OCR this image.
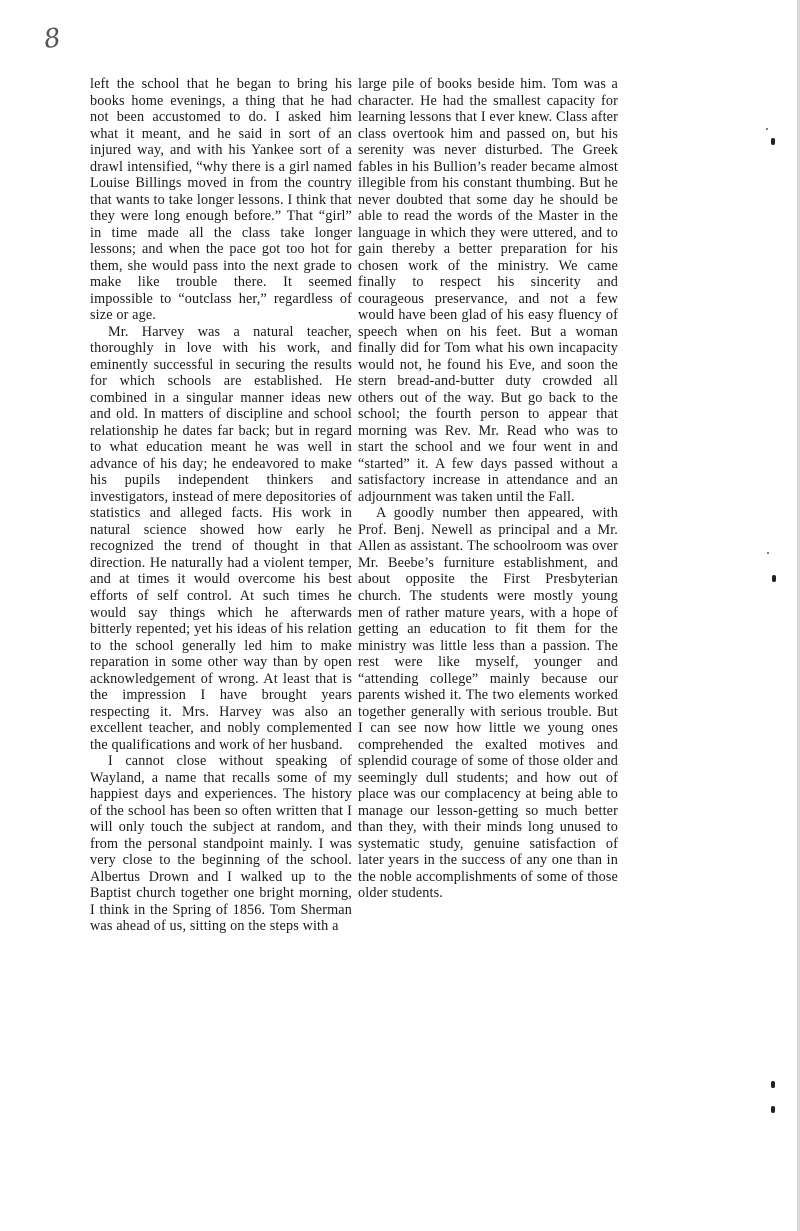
8

left the school that he began to bring his books home evenings, a thing that he had not been accustomed to do. I asked him what it meant, and he said in sort of an injured way, and with his Yankee sort of a drawl intensified, “why there is a girl named Louise Billings moved in from the country that wants to take longer lessons. I think that they were long enough before.” That “girl” in time made all the class take longer lessons; and when the pace got too hot for them, she would pass into the next grade to make like trouble there. It seemed impossible to “outclass her,” regardless of size or age.

Mr. Harvey was a natural teacher, thoroughly in love with his work, and eminently successful in securing the results for which schools are established. He combined in a singular manner ideas new and old. In matters of discipline and school relationship he dates far back; but in regard to what education meant he was well in advance of his day; he endeavored to make his pupils independent thinkers and investigators, instead of mere depositories of statistics and alleged facts. His work in natural science showed how early he recognized the trend of thought in that direction. He naturally had a violent temper, and at times it would overcome his best efforts of self control. At such times he would say things which he afterwards bitterly repented; yet his ideas of his relation to the school generally led him to make reparation in some other way than by open acknowledgement of wrong. At least that is the impression I have brought years respecting it. Mrs. Harvey was also an excellent teacher, and nobly complemented the qualifications and work of her husband.

I cannot close without speaking of Wayland, a name that recalls some of my happiest days and experiences. The history of the school has been so often written that I will only touch the subject at random, and from the personal standpoint mainly. I was very close to the beginning of the school. Albertus Drown and I walked up to the Baptist church together one bright morning, I think in the Spring of 1856. Tom Sherman was ahead of us, sitting on the steps with a

large pile of books beside him. Tom was a character. He had the smallest capacity for learning lessons that I ever knew. Class after class overtook him and passed on, but his serenity was never disturbed. The Greek fables in his Bullion’s reader became almost illegible from his constant thumbing. But he never doubted that some day he should be able to read the words of the Master in the language in which they were uttered, and to gain thereby a better preparation for his chosen work of the ministry. We came finally to respect his sincerity and courageous preservance, and not a few would have been glad of his easy fluency of speech when on his feet. But a woman finally did for Tom what his own incapacity would not, he found his Eve, and soon the stern bread-and-butter duty crowded all others out of the way. But go back to the school; the fourth person to appear that morning was Rev. Mr. Read who was to start the school and we four went in and “started” it. A few days passed without a satisfactory increase in attendance and an adjournment was taken until the Fall.

A goodly number then appeared, with Prof. Benj. Newell as principal and a Mr. Allen as assistant. The schoolroom was over Mr. Beebe’s furniture establishment, and about opposite the First Presbyterian church. The students were mostly young men of rather mature years, with a hope of getting an education to fit them for the ministry was little less than a passion. The rest were like myself, younger and “attending college” mainly because our parents wished it. The two elements worked together generally with serious trouble. But I can see now how little we young ones comprehended the exalted motives and splendid courage of some of those older and seemingly dull students; and how out of place was our complacency at being able to manage our lesson-getting so much better than they, with their minds long unused to systematic study, genuine satisfaction of later years in the success of any one than in the noble accomplishments of some of those older students.
